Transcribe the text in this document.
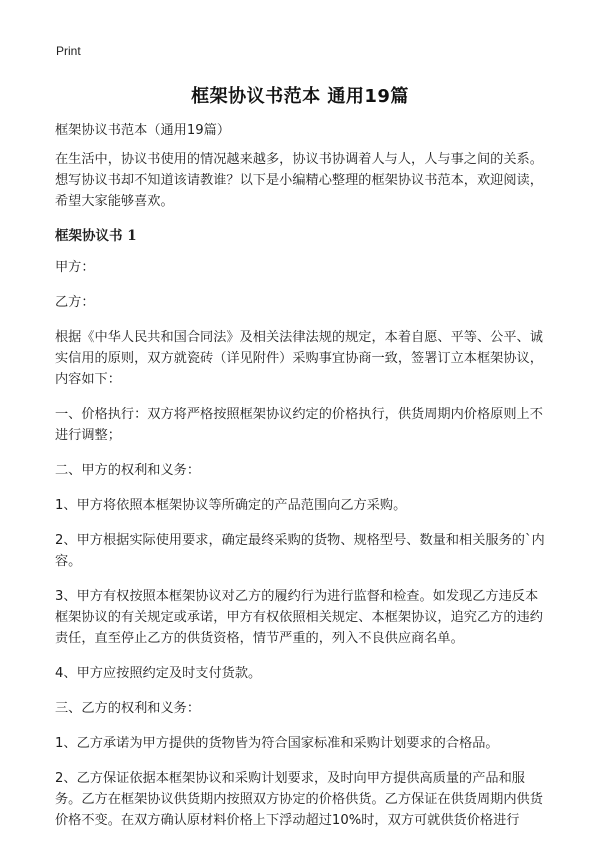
Print
框架协议书范本 通用19篇

框架协议书范本（通用19篇）

在生活中，协议书使用的情况越来越多，协议书协调着人与人，人与事之间的关系。想写协议书却不知道该请教谁？以下是小编精心整理的框架协议书范本，欢迎阅读，希望大家能够喜欢。

框架协议书 1

甲方：

乙方：

根据《中华人民共和国合同法》及相关法律法规的规定，本着自愿、平等、公平、诚实信用的原则，双方就瓷砖（详见附件）采购事宜协商一致，签署订立本框架协议，内容如下：

一、价格执行：双方将严格按照框架协议约定的价格执行，供货周期内价格原则上不进行调整；

二、甲方的权利和义务：

1、甲方将依照本框架协议等所确定的产品范围向乙方采购。

2、甲方根据实际使用要求，确定最终采购的货物、规格型号、数量和相关服务的`内容。

3、甲方有权按照本框架协议对乙方的履约行为进行监督和检查。如发现乙方违反本框架协议的有关规定或承诺，甲方有权依照相关规定、本框架协议，追究乙方的违约责任，直至停止乙方的供货资格，情节严重的，列入不良供应商名单。

4、甲方应按照约定及时支付货款。

三、乙方的权利和义务：

1、乙方承诺为甲方提供的货物皆为符合国家标准和采购计划要求的合格品。

2、乙方保证依据本框架协议和采购计划要求，及时向甲方提供高质量的产品和服务。乙方在框架协议供货期内按照双方协定的价格供货。乙方保证在供货周期内供货价格不变。在双方确认原材料价格上下浮动超过10%时，双方可就供货价格进行
